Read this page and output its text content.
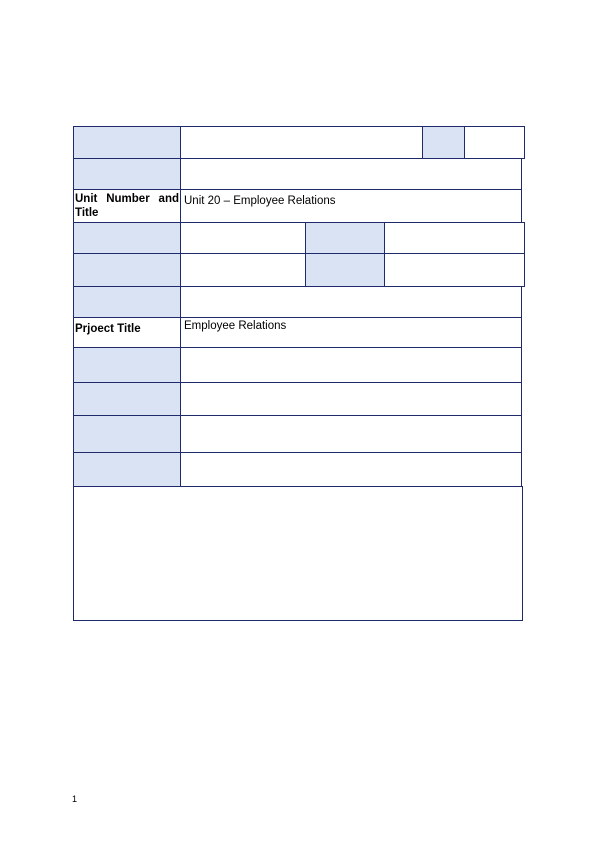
Unit Number and
Title
Unit 20 – Employee Relations
Prjoect Title	Employee Relations
1
